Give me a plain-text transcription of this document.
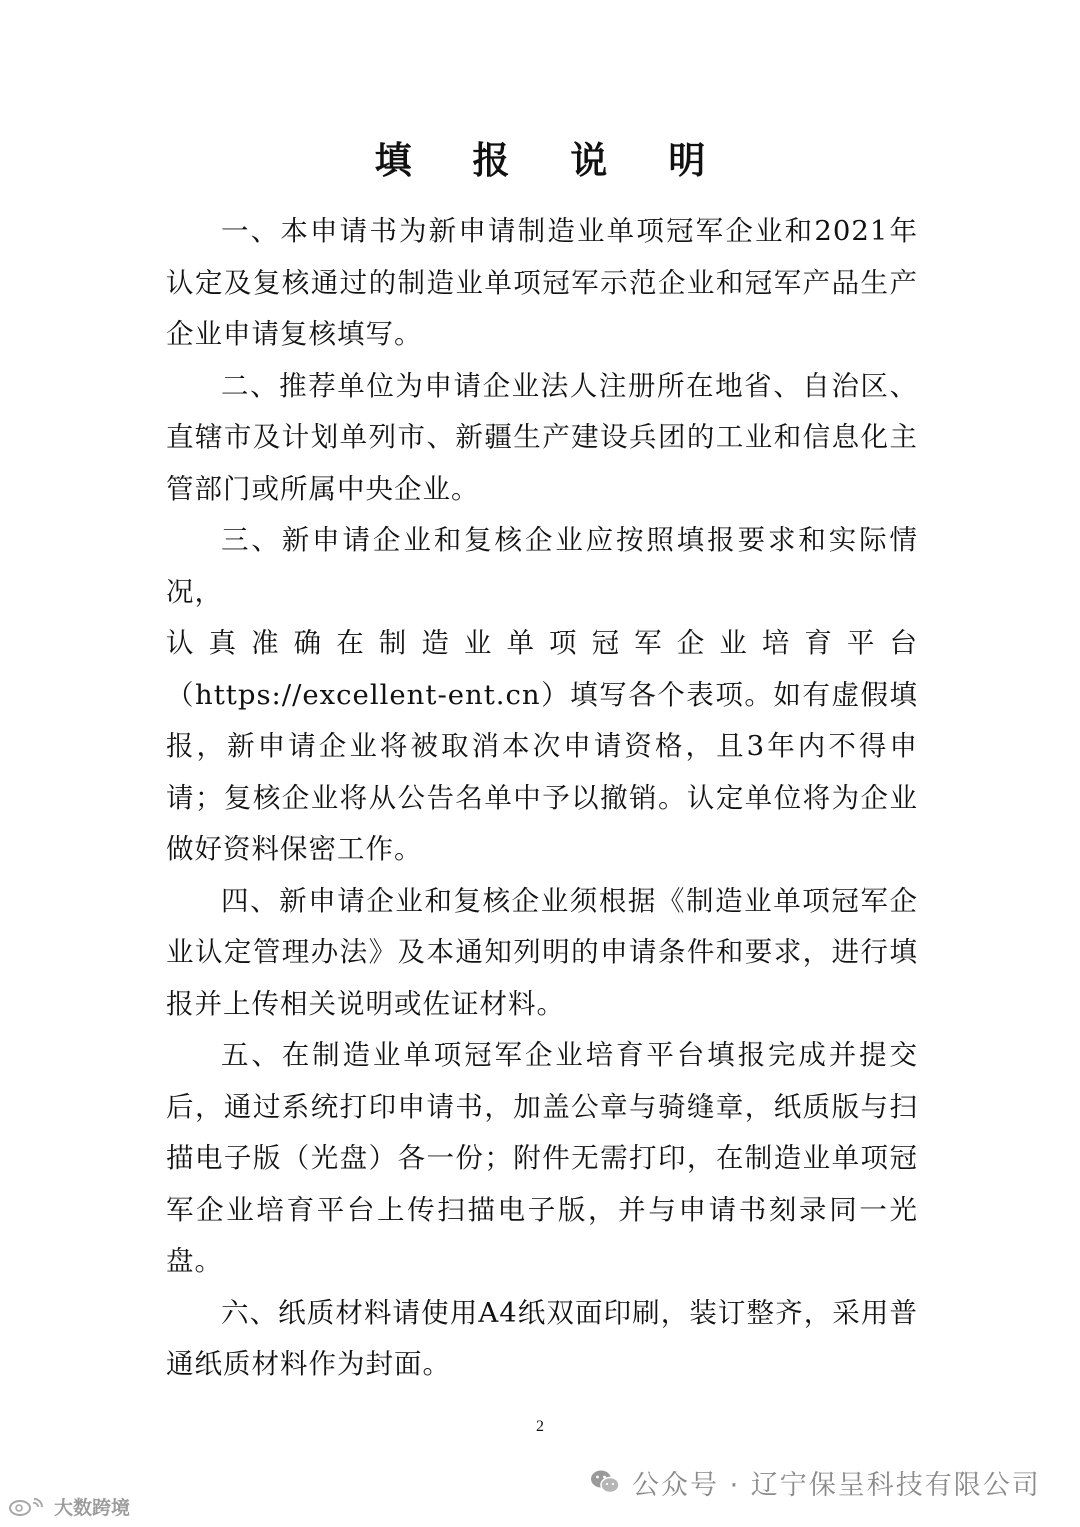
填 报 说 明

一、本申请书为新申请制造业单项冠军企业和2021年认定及复核通过的制造业单项冠军示范企业和冠军产品生产企业申请复核填写。

二、推荐单位为申请企业法人注册所在地省、自治区、直辖市及计划单列市、新疆生产建设兵团的工业和信息化主管部门或所属中央企业。

三、新申请企业和复核企业应按照填报要求和实际情况，

认真准确在制造业单项冠军企业培育平台

（https://excellent-ent.cn）填写各个表项。如有虚假填报，新申请企业将被取消本次申请资格，且3年内不得申请；复核企业将从公告名单中予以撤销。认定单位将为企业做好资料保密工作。

四、新申请企业和复核企业须根据《制造业单项冠军企业认定管理办法》及本通知列明的申请条件和要求，进行填报并上传相关说明或佐证材料。

五、在制造业单项冠军企业培育平台填报完成并提交后，通过系统打印申请书，加盖公章与骑缝章，纸质版与扫描电子版（光盘）各一份；附件无需打印，在制造业单项冠军企业培育平台上传扫描电子版，并与申请书刻录同一光盘。

六、纸质材料请使用A4纸双面印刷，装订整齐，采用普通纸质材料作为封面。

2
公众号 · 辽宁保呈科技有限公司
大数跨境
